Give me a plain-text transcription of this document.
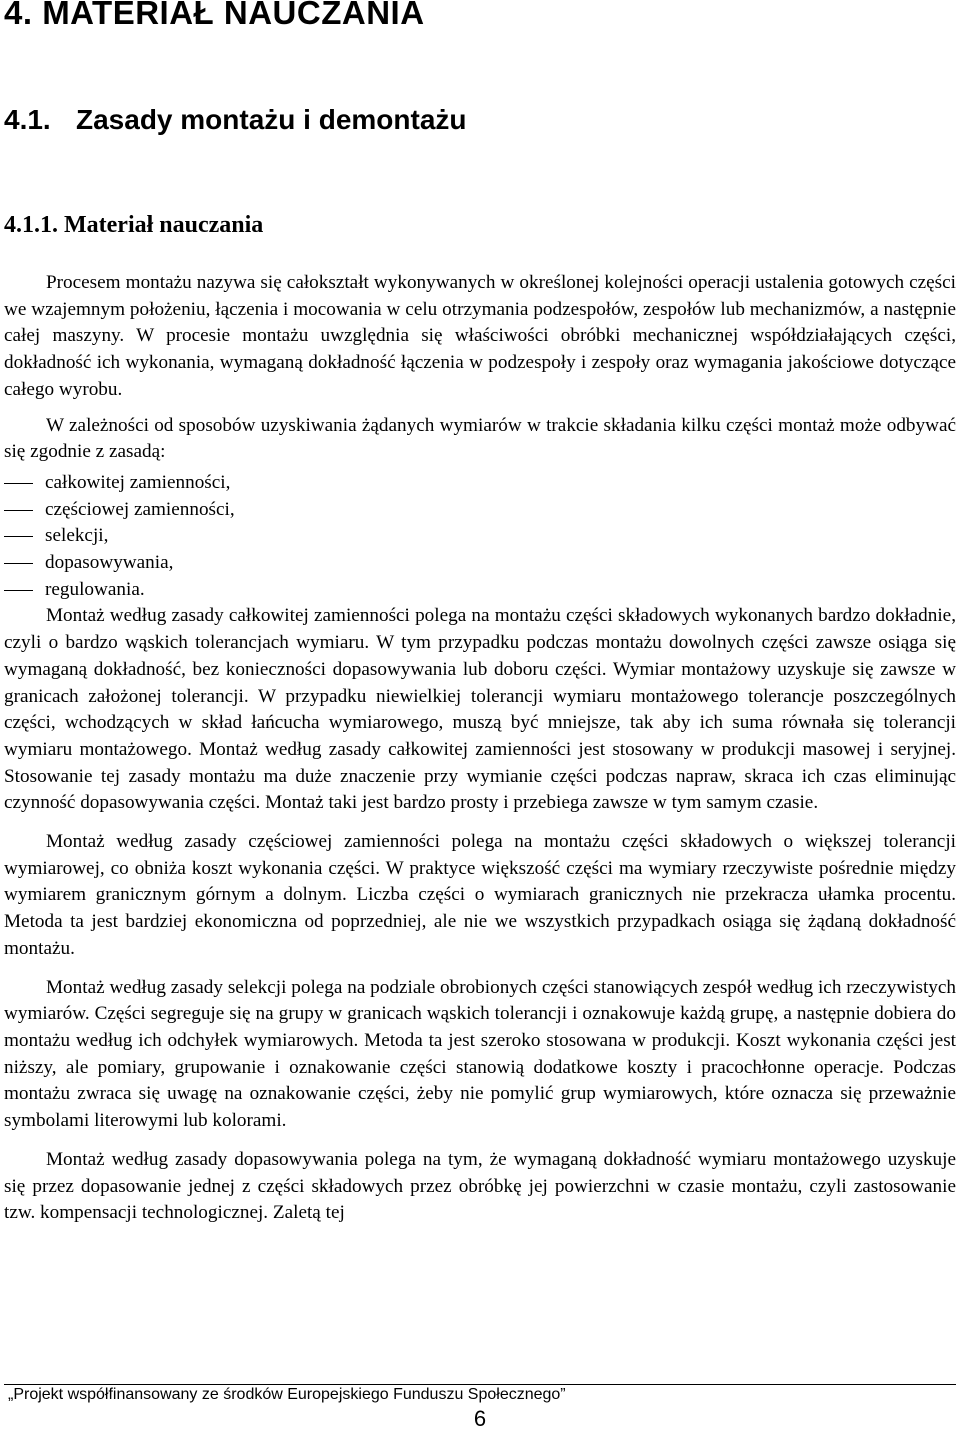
4. MATERIAŁ NAUCZANIA
4.1. Zasady montażu i demontażu
4.1.1. Materiał nauczania

Procesem montażu nazywa się całokształt wykonywanych w określonej kolejności operacji ustalenia gotowych części we wzajemnym położeniu, łączenia i mocowania w celu otrzymania podzespołów, zespołów lub mechanizmów, a następnie całej maszyny. W procesie montażu uwzględnia się właściwości obróbki mechanicznej współdziałających części, dokładność ich wykonania, wymaganą dokładność łączenia w podzespoły i zespoły oraz wymagania jakościowe dotyczące całego wyrobu.

W zależności od sposobów uzyskiwania żądanych wymiarów w trakcie składania kilku części montaż może odbywać się zgodnie z zasadą:

całkowitej zamienności,
częściowej zamienności,
selekcji,
dopasowywania,
regulowania.

Montaż według zasady całkowitej zamienności polega na montażu części składowych wykonanych bardzo dokładnie, czyli o bardzo wąskich tolerancjach wymiaru. W tym przypadku podczas montażu dowolnych części zawsze osiąga się wymaganą dokładność, bez konieczności dopasowywania lub doboru części. Wymiar montażowy uzyskuje się zawsze w granicach założonej tolerancji. W przypadku niewielkiej tolerancji wymiaru montażowego tolerancje poszczególnych części, wchodzących w skład łańcucha wymiarowego, muszą być mniejsze, tak aby ich suma równała się tolerancji wymiaru montażowego. Montaż według zasady całkowitej zamienności jest stosowany w produkcji masowej i seryjnej. Stosowanie tej zasady montażu ma duże znaczenie przy wymianie części podczas napraw, skraca ich czas eliminując czynność dopasowywania części. Montaż taki jest bardzo prosty i przebiega zawsze w tym samym czasie.

Montaż według zasady częściowej zamienności polega na montażu części składowych o większej tolerancji wymiarowej, co obniża koszt wykonania części. W praktyce większość części ma wymiary rzeczywiste pośrednie między wymiarem granicznym górnym a dolnym. Liczba części o wymiarach granicznych nie przekracza ułamka procentu. Metoda ta jest bardziej ekonomiczna od poprzedniej, ale nie we wszystkich przypadkach osiąga się żądaną dokładność montażu.

Montaż według zasady selekcji polega na podziale obrobionych części stanowiących zespół według ich rzeczywistych wymiarów. Części segreguje się na grupy w granicach wąskich tolerancji i oznakowuje każdą grupę, a następnie dobiera do montażu według ich odchyłek wymiarowych. Metoda ta jest szeroko stosowana w produkcji. Koszt wykonania części jest niższy, ale pomiary, grupowanie i oznakowanie części stanowią dodatkowe koszty i pracochłonne operacje. Podczas montażu zwraca się uwagę na oznakowanie części, żeby nie pomylić grup wymiarowych, które oznacza się przeważnie symbolami literowymi lub kolorami.

Montaż według zasady dopasowywania polega na tym, że wymaganą dokładność wymiaru montażowego uzyskuje się przez dopasowanie jednej z części składowych przez obróbkę jej powierzchni w czasie montażu, czyli zastosowanie tzw. kompensacji technologicznej. Zaletą tej

„Projekt współfinansowany ze środków Europejskiego Funduszu Społecznego”
6
